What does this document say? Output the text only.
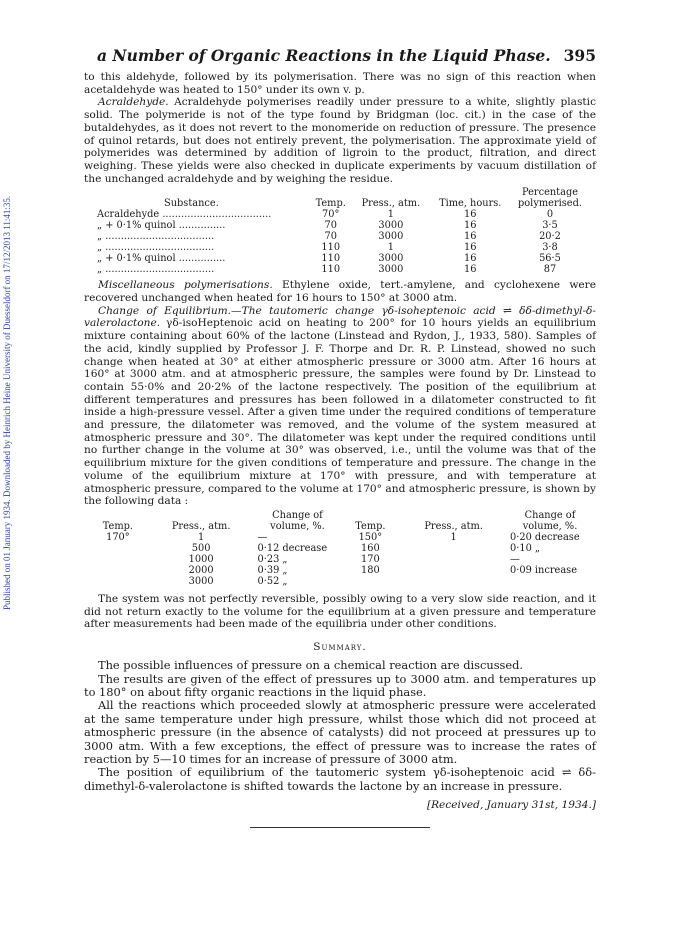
Published on 01 January 1934. Downloaded by Heinrich Heine University of Duesseldorf on 17/12/2013 11:41:35.
a Number of Organic Reactions in the Liquid Phase. 395

to this aldehyde, followed by its polymerisation. There was no sign of this reaction when acetaldehyde was heated to 150° under its own v. p.

Acraldehyde. Acraldehyde polymerises readily under pressure to a white, slightly plastic solid. The polymeride is not of the type found by Bridgman (loc. cit.) in the case of the butaldehydes, as it does not revert to the monomeride on reduction of pressure. The presence of quinol retards, but does not entirely prevent, the polymerisation. The approximate yield of polymerides was determined by addition of ligroin to the product, filtration, and direct weighing. These yields were also checked in duplicate experiments by vacuum distillation of the unchanged acraldehyde and by weighing the residue.

Substance.	Temp.	Press., atm.	Time, hours.	Percentage polymerised.
Acraldehyde ...................................	70°	1	16	0
„ + 0·1% quinol ...............	70	3000	16	3·5
„ ...................................	70	3000	16	20·2
„ ...................................	110	1	16	3·8
„ + 0·1% quinol ...............	110	3000	16	56·5
„ ...................................	110	3000	16	87

Miscellaneous polymerisations. Ethylene oxide, tert.-amylene, and cyclohexene were recovered unchanged when heated for 16 hours to 150° at 3000 atm.

Change of Equilibrium.—The tautomeric change γδ-isoheptenoic acid ⇌ δδ-dimethyl-δ-valerolactone. γδ-isoHeptenoic acid on heating to 200° for 10 hours yields an equilibrium mixture containing about 60% of the lactone (Linstead and Rydon, J., 1933, 580). Samples of the acid, kindly supplied by Professor J. F. Thorpe and Dr. R. P. Linstead, showed no such change when heated at 30° at either atmospheric pressure or 3000 atm. After 16 hours at 160° at 3000 atm. and at atmospheric pressure, the samples were found by Dr. Linstead to contain 55·0% and 20·2% of the lactone respectively. The position of the equilibrium at different temperatures and pressures has been followed in a dilatometer constructed to fit inside a high-pressure vessel. After a given time under the required conditions of temperature and pressure, the dilatometer was removed, and the volume of the system measured at atmospheric pressure and 30°. The dilatometer was kept under the required conditions until no further change in the volume at 30° was observed, i.e., until the volume was that of the equilibrium mixture for the given conditions of temperature and pressure. The change in the volume of the equilibrium mixture at 170° with pressure, and with temperature at atmospheric pressure, compared to the volume at 170° and atmospheric pressure, is shown by the following data :

Temp.	Press., atm.	Change of volume, %.	Temp.	Press., atm.	Change of volume, %.
170°	1	—	150°	1	0·20 decrease
	500	0·12 decrease	160		0·10 „
	1000	0·23 „	170		—
	2000	0·39 „	180		0·09 increase
	3000	0·52 „			

The system was not perfectly reversible, possibly owing to a very slow side reaction, and it did not return exactly to the volume for the equilibrium at a given pressure and temperature after measurements had been made of the equilibria under other conditions.

Summary.

The possible influences of pressure on a chemical reaction are discussed.

The results are given of the effect of pressures up to 3000 atm. and temperatures up to 180° on about fifty organic reactions in the liquid phase.

All the reactions which proceeded slowly at atmospheric pressure were accelerated at the same temperature under high pressure, whilst those which did not proceed at atmospheric pressure (in the absence of catalysts) did not proceed at pressures up to 3000 atm. With a few exceptions, the effect of pressure was to increase the rates of reaction by 5—10 times for an increase of pressure of 3000 atm.

The position of equilibrium of the tautomeric system γδ-isoheptenoic acid ⇌ δδ-dimethyl-δ-valerolactone is shifted towards the lactone by an increase in pressure.

[Received, January 31st, 1934.]
